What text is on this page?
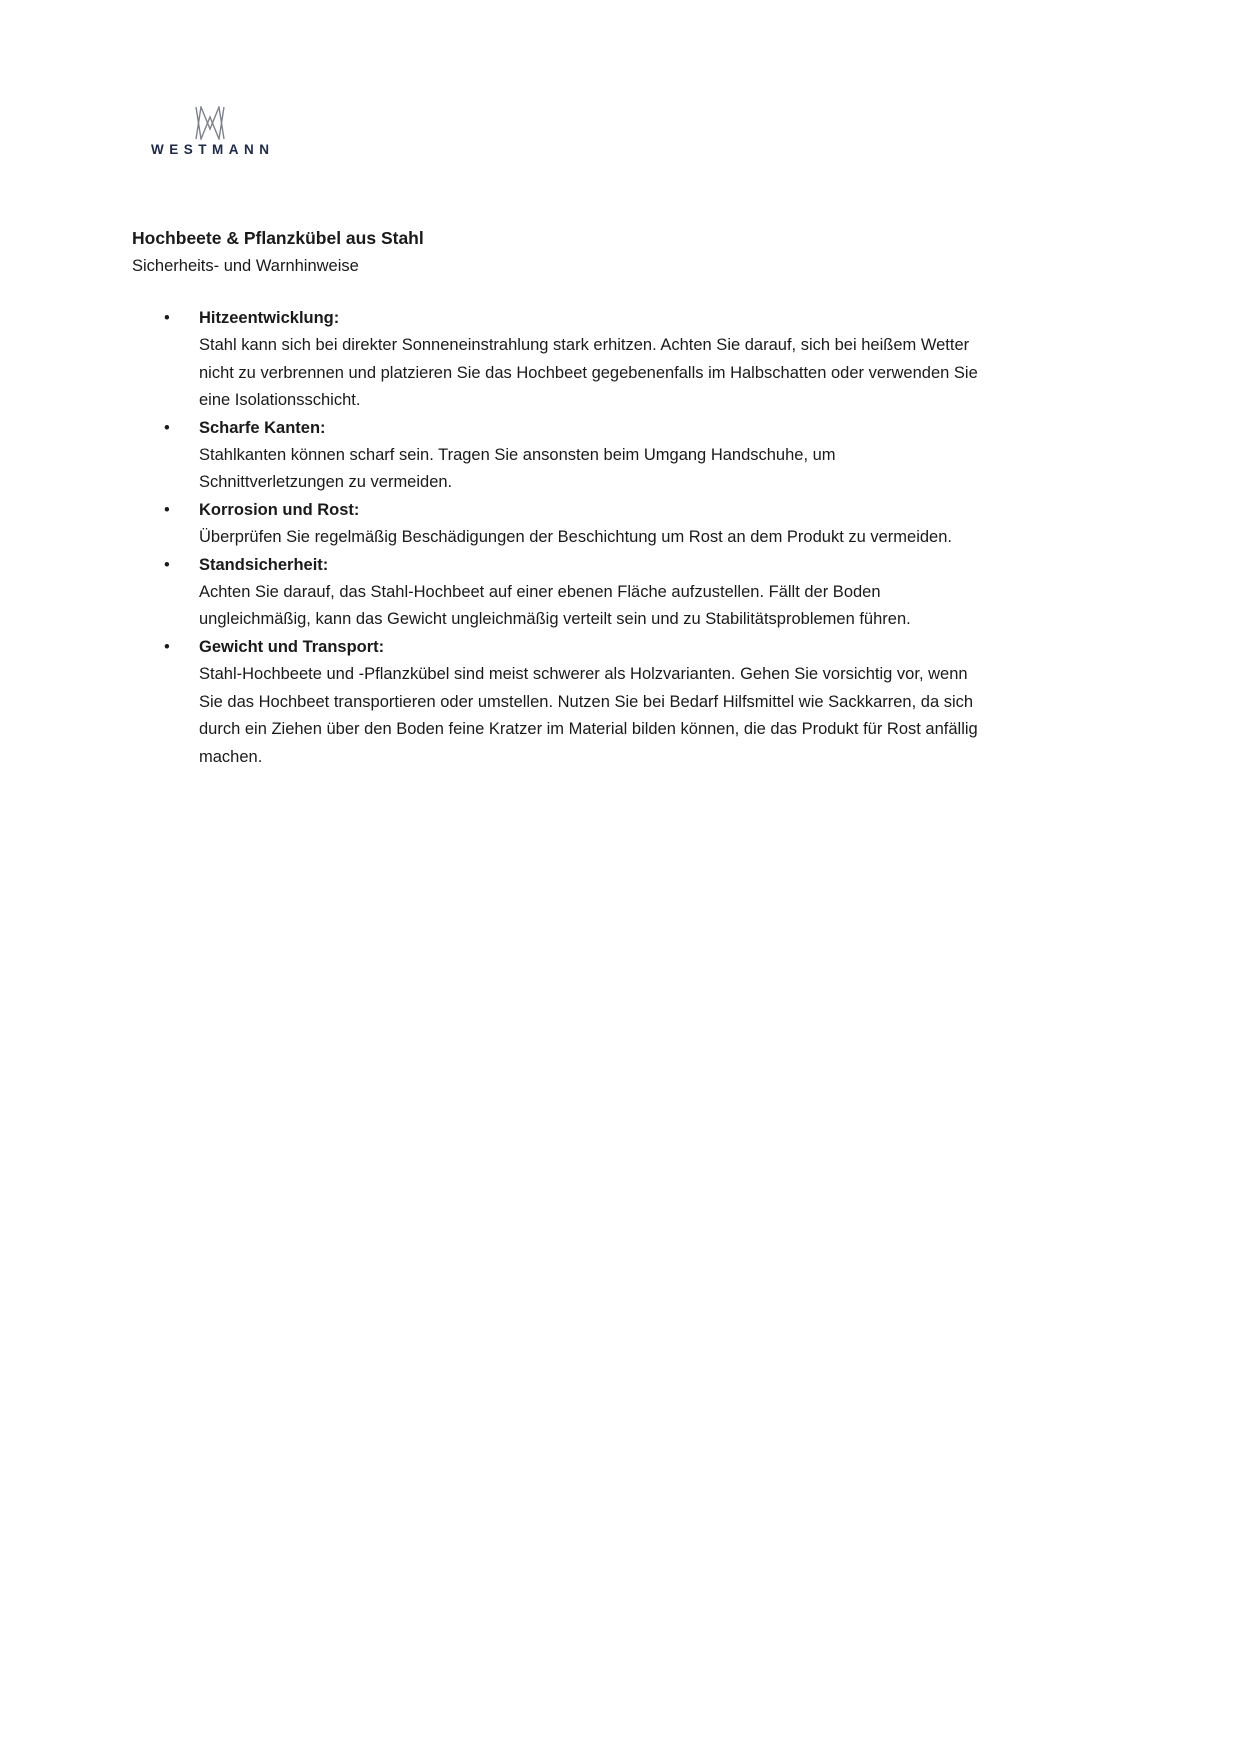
WESTMANN
Hochbeete & Pflanzkübel aus Stahl
Sicherheits- und Warnhinweise
• Hitzeentwicklung:
Stahl kann sich bei direkter Sonneneinstrahlung stark erhitzen. Achten Sie darauf, sich bei heißem Wetter nicht zu verbrennen und platzieren Sie das Hochbeet gegebenenfalls im Halbschatten oder verwenden Sie eine Isolationsschicht.
• Scharfe Kanten:
Stahlkanten können scharf sein. Tragen Sie ansonsten beim Umgang Handschuhe, um Schnittverletzungen zu vermeiden.
• Korrosion und Rost:
Überprüfen Sie regelmäßig Beschädigungen der Beschichtung um Rost an dem Produkt zu vermeiden.
• Standsicherheit:
Achten Sie darauf, das Stahl-Hochbeet auf einer ebenen Fläche aufzustellen. Fällt der Boden ungleichmäßig, kann das Gewicht ungleichmäßig verteilt sein und zu Stabilitätsproblemen führen.
• Gewicht und Transport:
Stahl-Hochbeete und -Pflanzkübel sind meist schwerer als Holzvarianten. Gehen Sie vorsichtig vor, wenn Sie das Hochbeet transportieren oder umstellen. Nutzen Sie bei Bedarf Hilfsmittel wie Sackkarren, da sich durch ein Ziehen über den Boden feine Kratzer im Material bilden können, die das Produkt für Rost anfällig machen.
